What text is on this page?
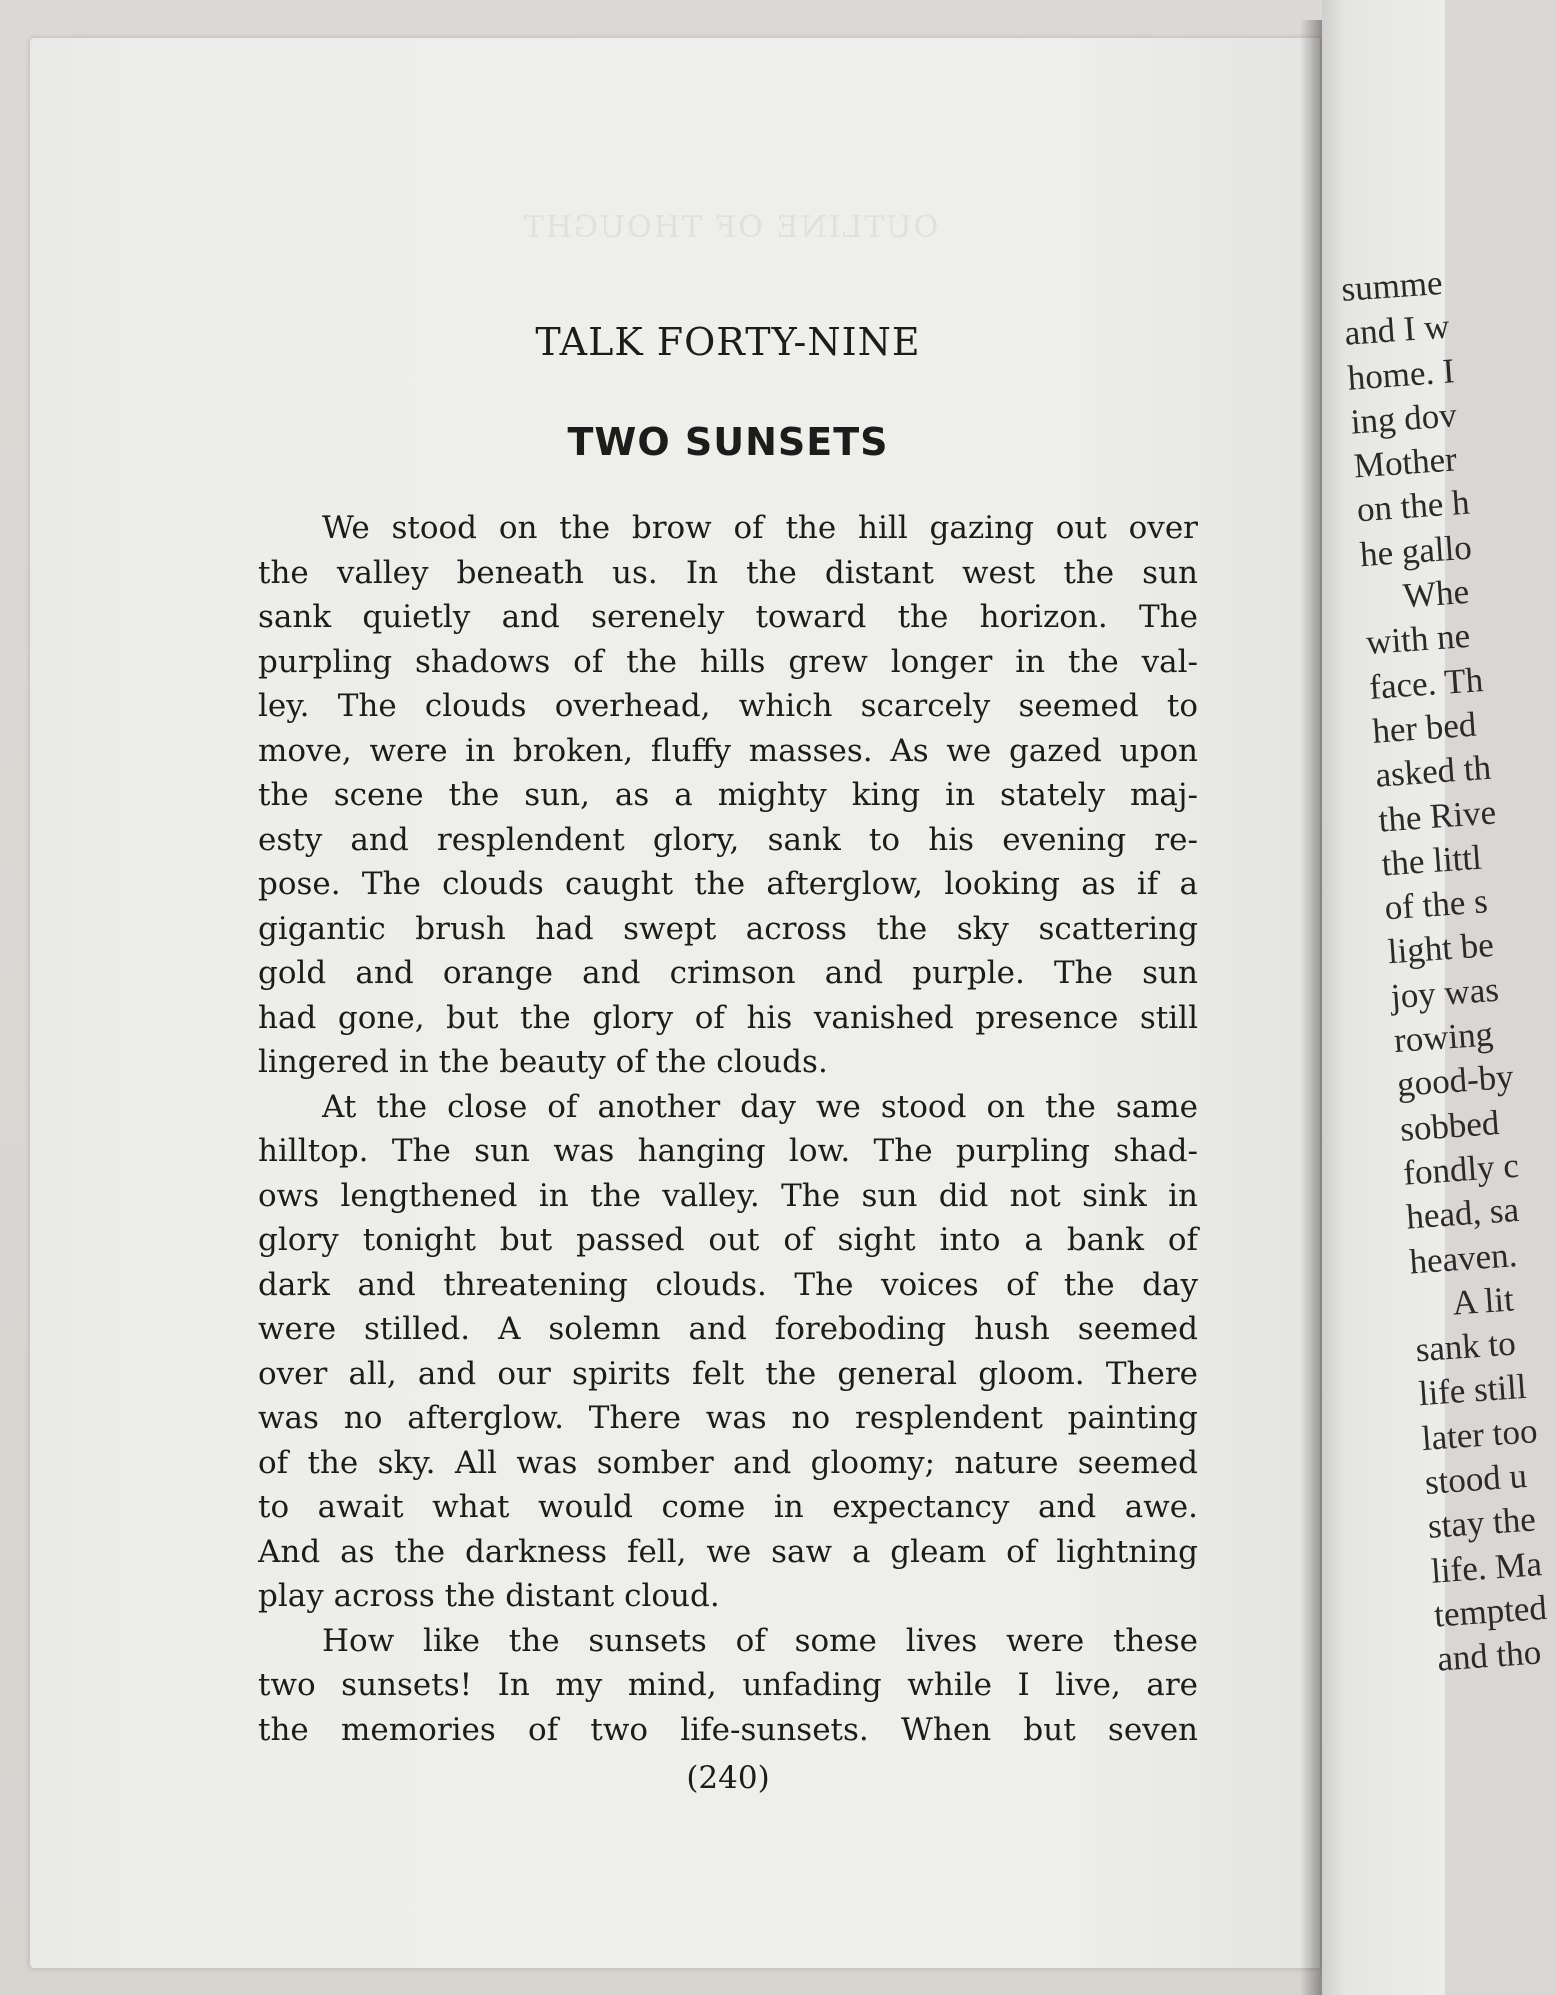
OUTLINE OF THOUGHT
summe
and I w
home. I
ing dov
Mother
on the h
he gallo
Whe
with ne
face. Th
her bed
asked th
the Rive
the littl
of the s
light be
joy was
rowing
good-by
sobbed
fondly c
head, sa
heaven.
A lit
sank to
life still
later too
stood u
stay the
life. Ma
tempted
and tho
TALK FORTY-NINE
TWO SUNSETS
We stood on the brow of the hill gazing out over
the valley beneath us. In the distant west the sun
sank quietly and serenely toward the horizon. The
purpling shadows of the hills grew longer in the val-
ley. The clouds overhead, which scarcely seemed to
move, were in broken, fluffy masses. As we gazed upon
the scene the sun, as a mighty king in stately maj-
esty and resplendent glory, sank to his evening re-
pose. The clouds caught the afterglow, looking as if a
gigantic brush had swept across the sky scattering
gold and orange and crimson and purple. The sun
had gone, but the glory of his vanished presence still
lingered in the beauty of the clouds.
At the close of another day we stood on the same
hilltop. The sun was hanging low. The purpling shad-
ows lengthened in the valley. The sun did not sink in
glory tonight but passed out of sight into a bank of
dark and threatening clouds. The voices of the day
were stilled. A solemn and foreboding hush seemed
over all, and our spirits felt the general gloom. There
was no afterglow. There was no resplendent painting
of the sky. All was somber and gloomy; nature seemed
to await what would come in expectancy and awe.
And as the darkness fell, we saw a gleam of lightning
play across the distant cloud.
How like the sunsets of some lives were these
two sunsets! In my mind, unfading while I live, are
the memories of two life-sunsets. When but seven
(240)
